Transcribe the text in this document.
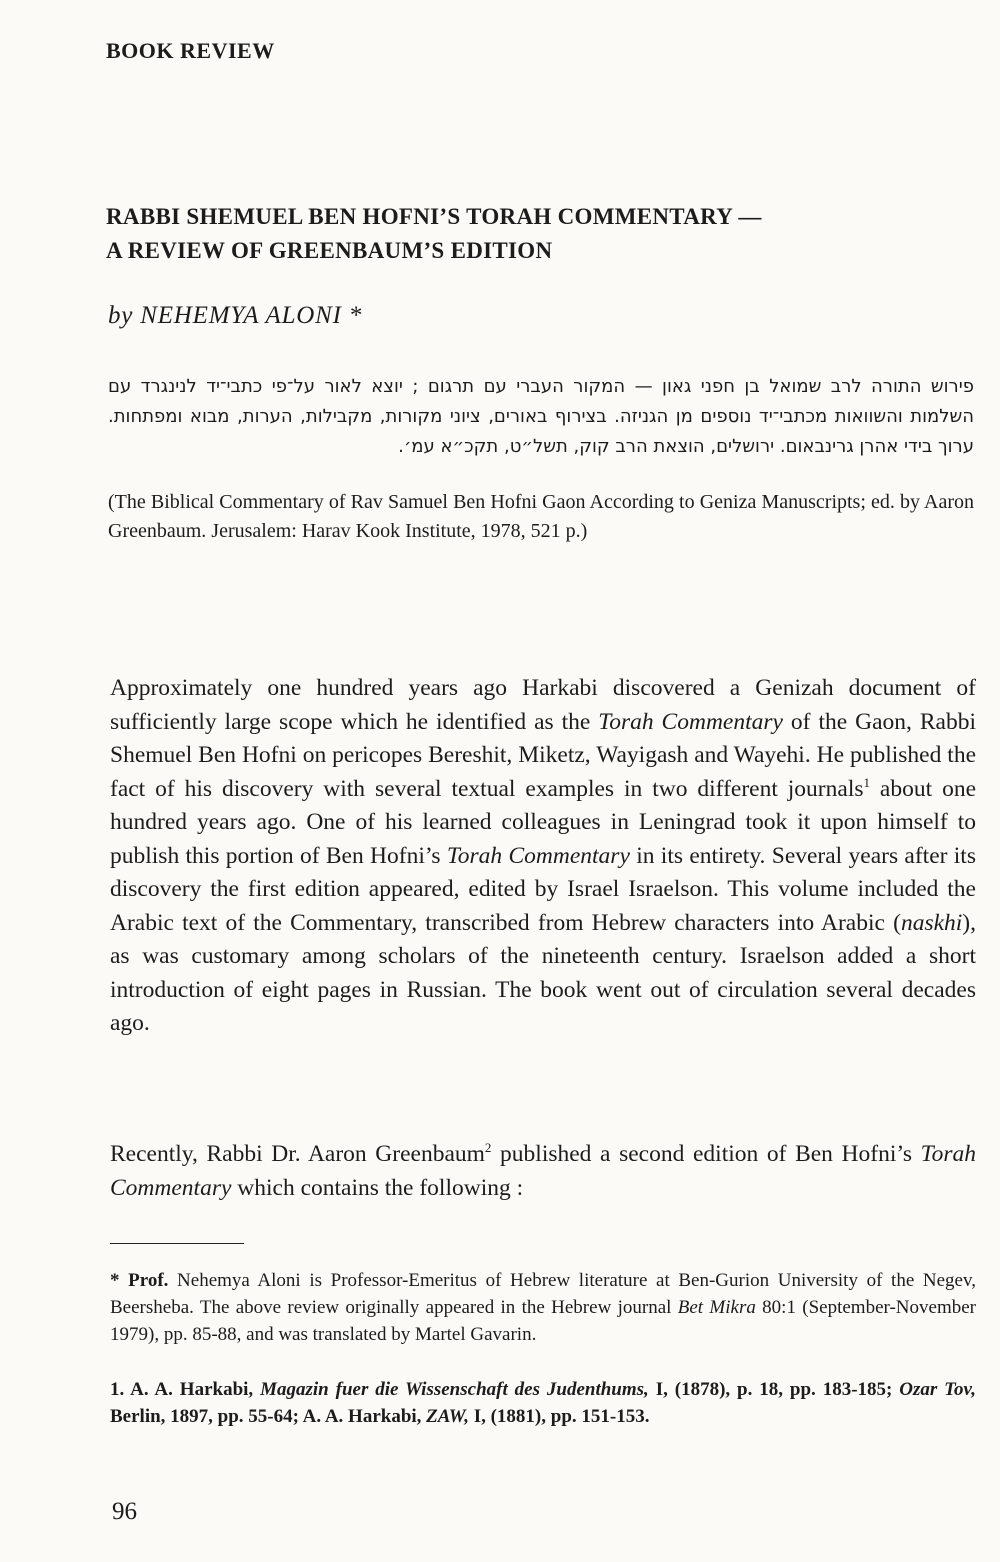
BOOK REVIEW
RABBI SHEMUEL BEN HOFNI’S TORAH COMMENTARY —
A REVIEW OF GREENBAUM’S EDITION
by NEHEMYA ALONI *
פירוש התורה לרב שמואל בן חפני גאון — המקור העברי עם תרגום ; יוצא לאור על־פי כתבי־יד לנינגרד עם השלמות והשוואות מכתבי־יד נוספים מן הגניזה. בצירוף באורים, ציוני מקורות, מקבילות, הערות, מבוא ומפתחות. ערוך בידי אהרן גרינבאום. ירושלים, הוצאת הרב קוק, תשל״ט, תקכ״א עמ׳.
(The Biblical Commentary of Rav Samuel Ben Hofni Gaon According to Geniza Manuscripts; ed. by Aaron Greenbaum. Jerusalem: Harav Kook Institute, 1978, 521 p.)

Approximately one hundred years ago Harkabi discovered a Genizah document of sufficiently large scope which he identified as the Torah Commentary of the Gaon, Rabbi Shemuel Ben Hofni on pericopes Bereshit, Miketz, Wayigash and Wayehi. He published the fact of his discovery with several textual examples in two different journals$^1$ about one hundred years ago. One of his learned colleagues in Leningrad took it upon himself to publish this portion of Ben Hofni’s Torah Commentary in its entirety. Several years after its discovery the first edition appeared, edited by Israel Israelson. This volume included the Arabic text of the Commentary, transcribed from Hebrew characters into Arabic (naskhi), as was customary among scholars of the nineteenth century. Israelson added a short introduction of eight pages in Russian. The book went out of circulation several decades ago.

Recently, Rabbi Dr. Aaron Greenbaum$^2$ published a second edition of Ben Hofni’s Torah Commentary which contains the following :

* Prof. Nehemya Aloni is Professor-Emeritus of Hebrew literature at Ben-Gurion University of the Negev, Beersheba. The above review originally appeared in the Hebrew journal Bet Mikra 80:1 (September-November 1979), pp. 85-88, and was translated by Martel Gavarin.

1. A. A. Harkabi, Magazin fuer die Wissenschaft des Judenthums, I, (1878), p. 18, pp. 183-185; Ozar Tov, Berlin, 1897, pp. 55-64; A. A. Harkabi, ZAW, I, (1881), pp. 151-153.

96
